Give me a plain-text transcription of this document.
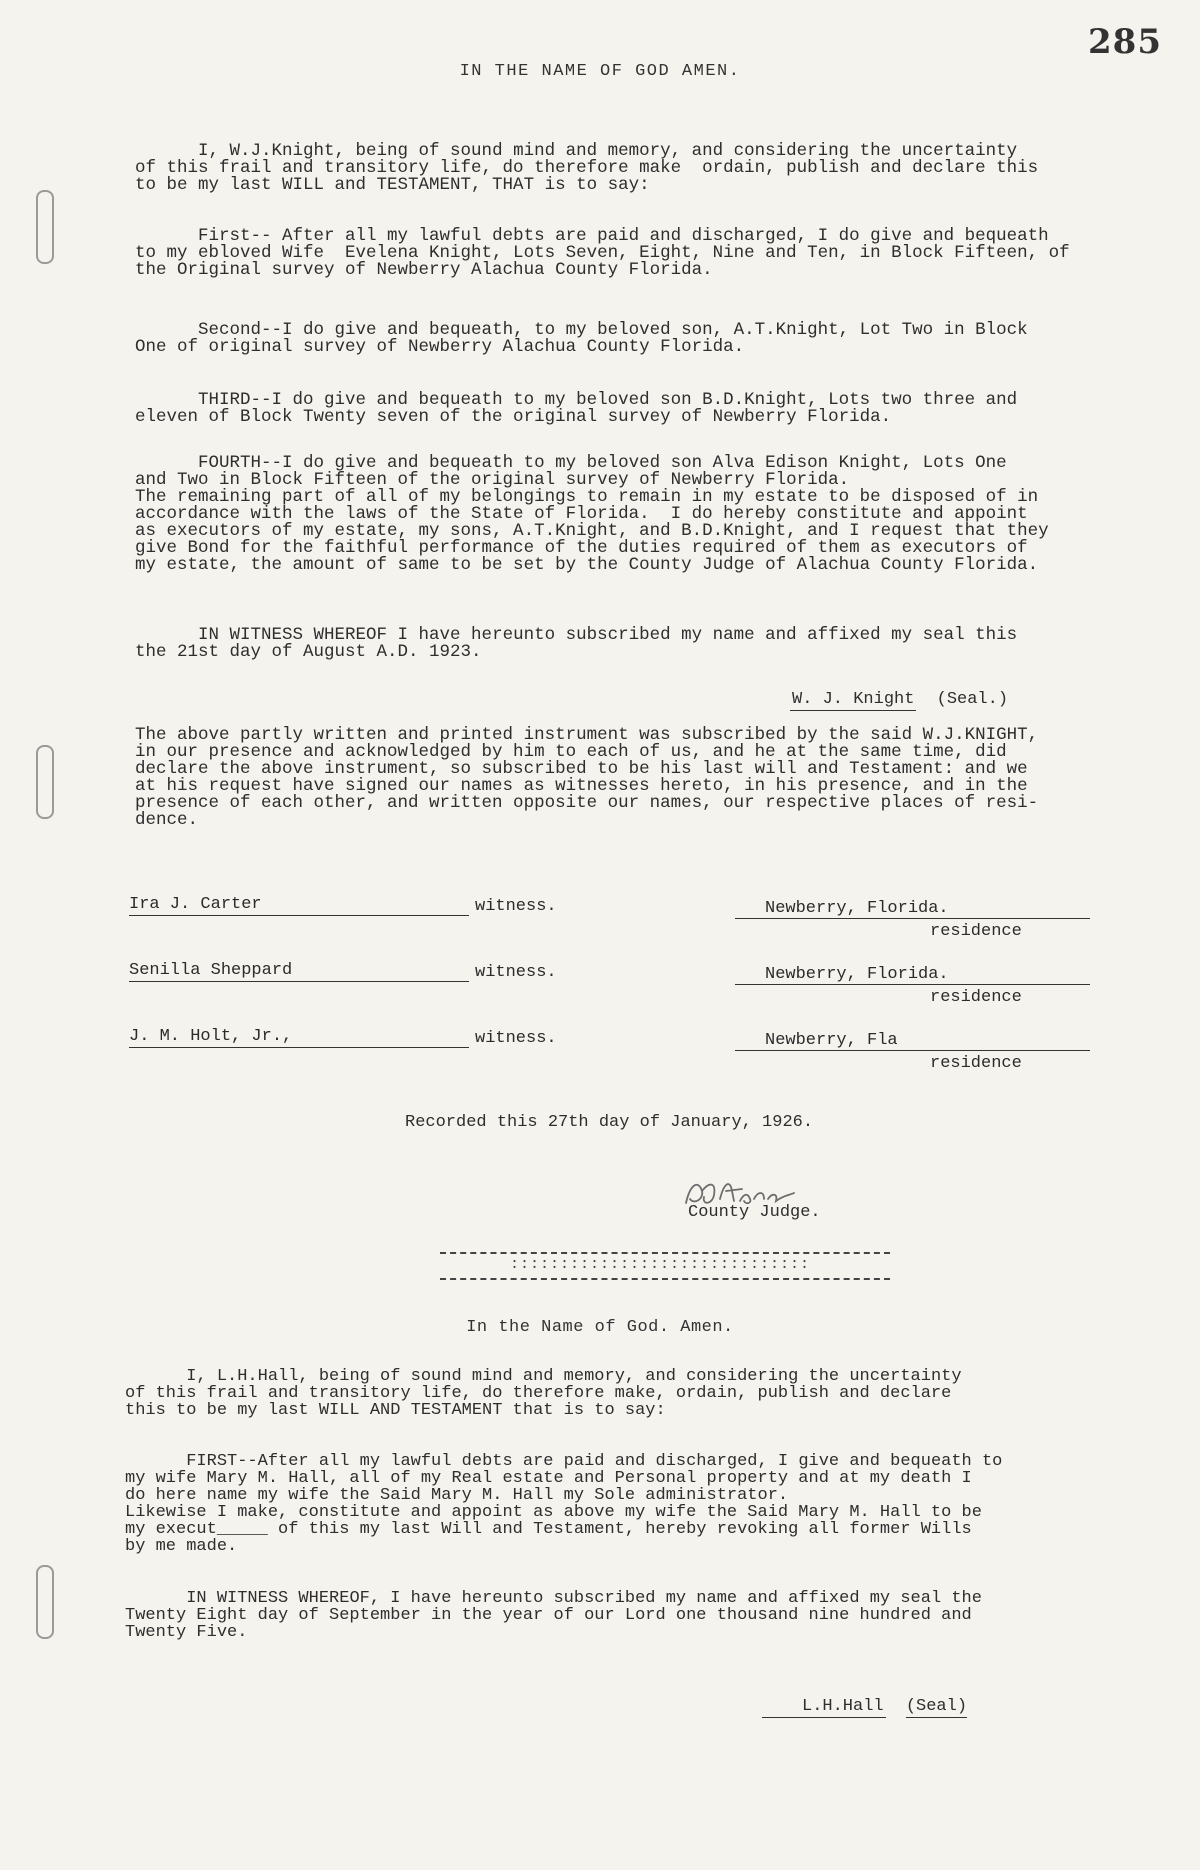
285
IN THE NAME OF GOD AMEN.
I, W.J.Knight, being of sound mind and memory, and considering the uncertainty
of this frail and transitory life, do therefore make  ordain, publish and declare this
to be my last WILL and TESTAMENT, THAT is to say:
First-- After all my lawful debts are paid and discharged, I do give and bequeath
to my ebloved Wife  Evelena Knight, Lots Seven, Eight, Nine and Ten, in Block Fifteen, of
the Original survey of Newberry Alachua County Florida.
Second--I do give and bequeath, to my beloved son, A.T.Knight, Lot Two in Block
One of original survey of Newberry Alachua County Florida.
THIRD--I do give and bequeath to my beloved son B.D.Knight, Lots two three and
eleven of Block Twenty seven of the original survey of Newberry Florida.
FOURTH--I do give and bequeath to my beloved son Alva Edison Knight, Lots One
and Two in Block Fifteen of the original survey of Newberry Florida.
The remaining part of all of my belongings to remain in my estate to be disposed of in
accordance with the laws of the State of Florida.  I do hereby constitute and appoint
as executors of my estate, my sons, A.T.Knight, and B.D.Knight, and I request that they
give Bond for the faithful performance of the duties required of them as executors of
my estate, the amount of same to be set by the County Judge of Alachua County Florida.
IN WITNESS WHEREOF I have hereunto subscribed my name and affixed my seal this
the 21st day of August A.D. 1923.
W. J. Knight (Seal.)
The above partly written and printed instrument was subscribed by the said W.J.KNIGHT,
in our presence and acknowledged by him to each of us, and he at the same time, did
declare the above instrument, so subscribed to be his last will and Testament: and we
at his request have signed our names as witnesses hereto, in his presence, and in the
presence of each other, and written opposite our names, our respective places of resi-
dence.
Ira J. Carter	witness.	Newberry, Florida.
residence
Senilla Sheppard	witness.	Newberry, Florida.
residence
J. M. Holt, Jr.,	witness.	Newberry, Fla
residence
Recorded this 27th day of January, 1926.
County Judge.
::::::::::::::::::::::::::::::
In the Name of God. Amen.
I, L.H.Hall, being of sound mind and memory, and considering the uncertainty
of this frail and transitory life, do therefore make, ordain, publish and declare
this to be my last WILL AND TESTAMENT that is to say:
FIRST--After all my lawful debts are paid and discharged, I give and bequeath to
my wife Mary M. Hall, all of my Real estate and Personal property and at my death I
do here name my wife the Said Mary M. Hall my Sole administrator.
Likewise I make, constitute and appoint as above my wife the Said Mary M. Hall to be
my execut_____ of this my last Will and Testament, hereby revoking all former Wills
by me made.
IN WITNESS WHEREOF, I have hereunto subscribed my name and affixed my seal the
Twenty Eight day of September in the year of our Lord one thousand nine hundred and
Twenty Five.
L.H.Hall (Seal)
